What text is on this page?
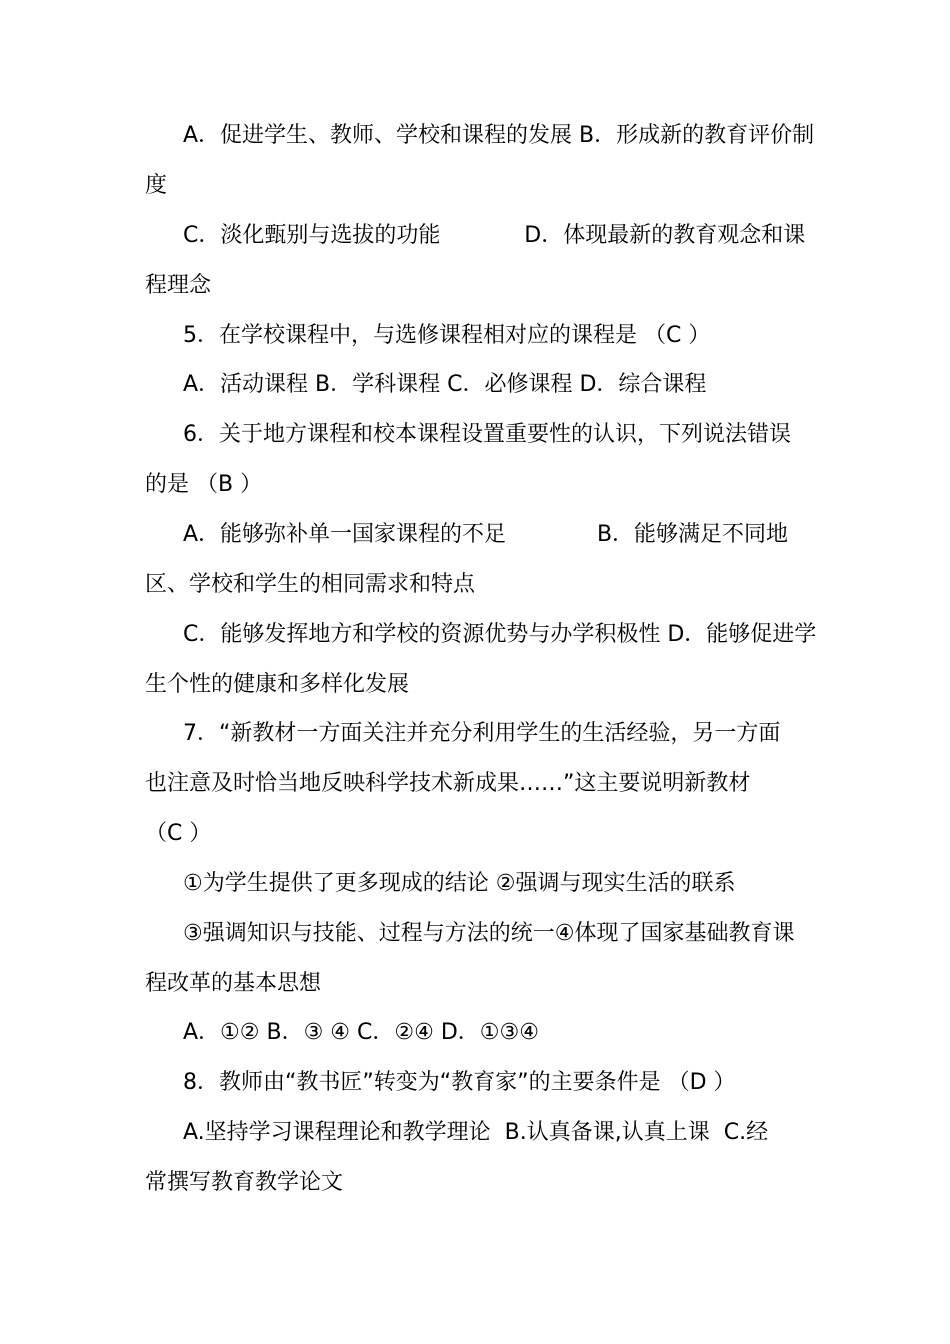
A．促进学生、教师、学校和课程的发展 B．形成新的教育评价制
度
C．淡化甄别与选拔的功能            D．体现最新的教育观念和课
程理念
5．在学校课程中，与选修课程相对应的课程是 （C ）
A．活动课程 B．学科课程 C．必修课程 D．综合课程
6．关于地方课程和校本课程设置重要性的认识，下列说法错误
的是 （B ）
A．能够弥补单一国家课程的不足             B．能够满足不同地
区、学校和学生的相同需求和特点
C．能够发挥地方和学校的资源优势与办学积极性 D．能够促进学
生个性的健康和多样化发展
7．“新教材一方面关注并充分利用学生的生活经验，另一方面
也注意及时恰当地反映科学技术新成果……”这主要说明新教材
（C ）
①为学生提供了更多现成的结论 ②强调与现实生活的联系
③强调知识与技能、过程与方法的统一④体现了国家基础教育课
程改革的基本思想
A．①② B．③ ④ C．②④ D．①③④
8．教师由“教书匠”转变为“教育家”的主要条件是 （D ）
A.坚持学习课程理论和教学理论  B.认真备课,认真上课  C.经
常撰写教育教学论文
